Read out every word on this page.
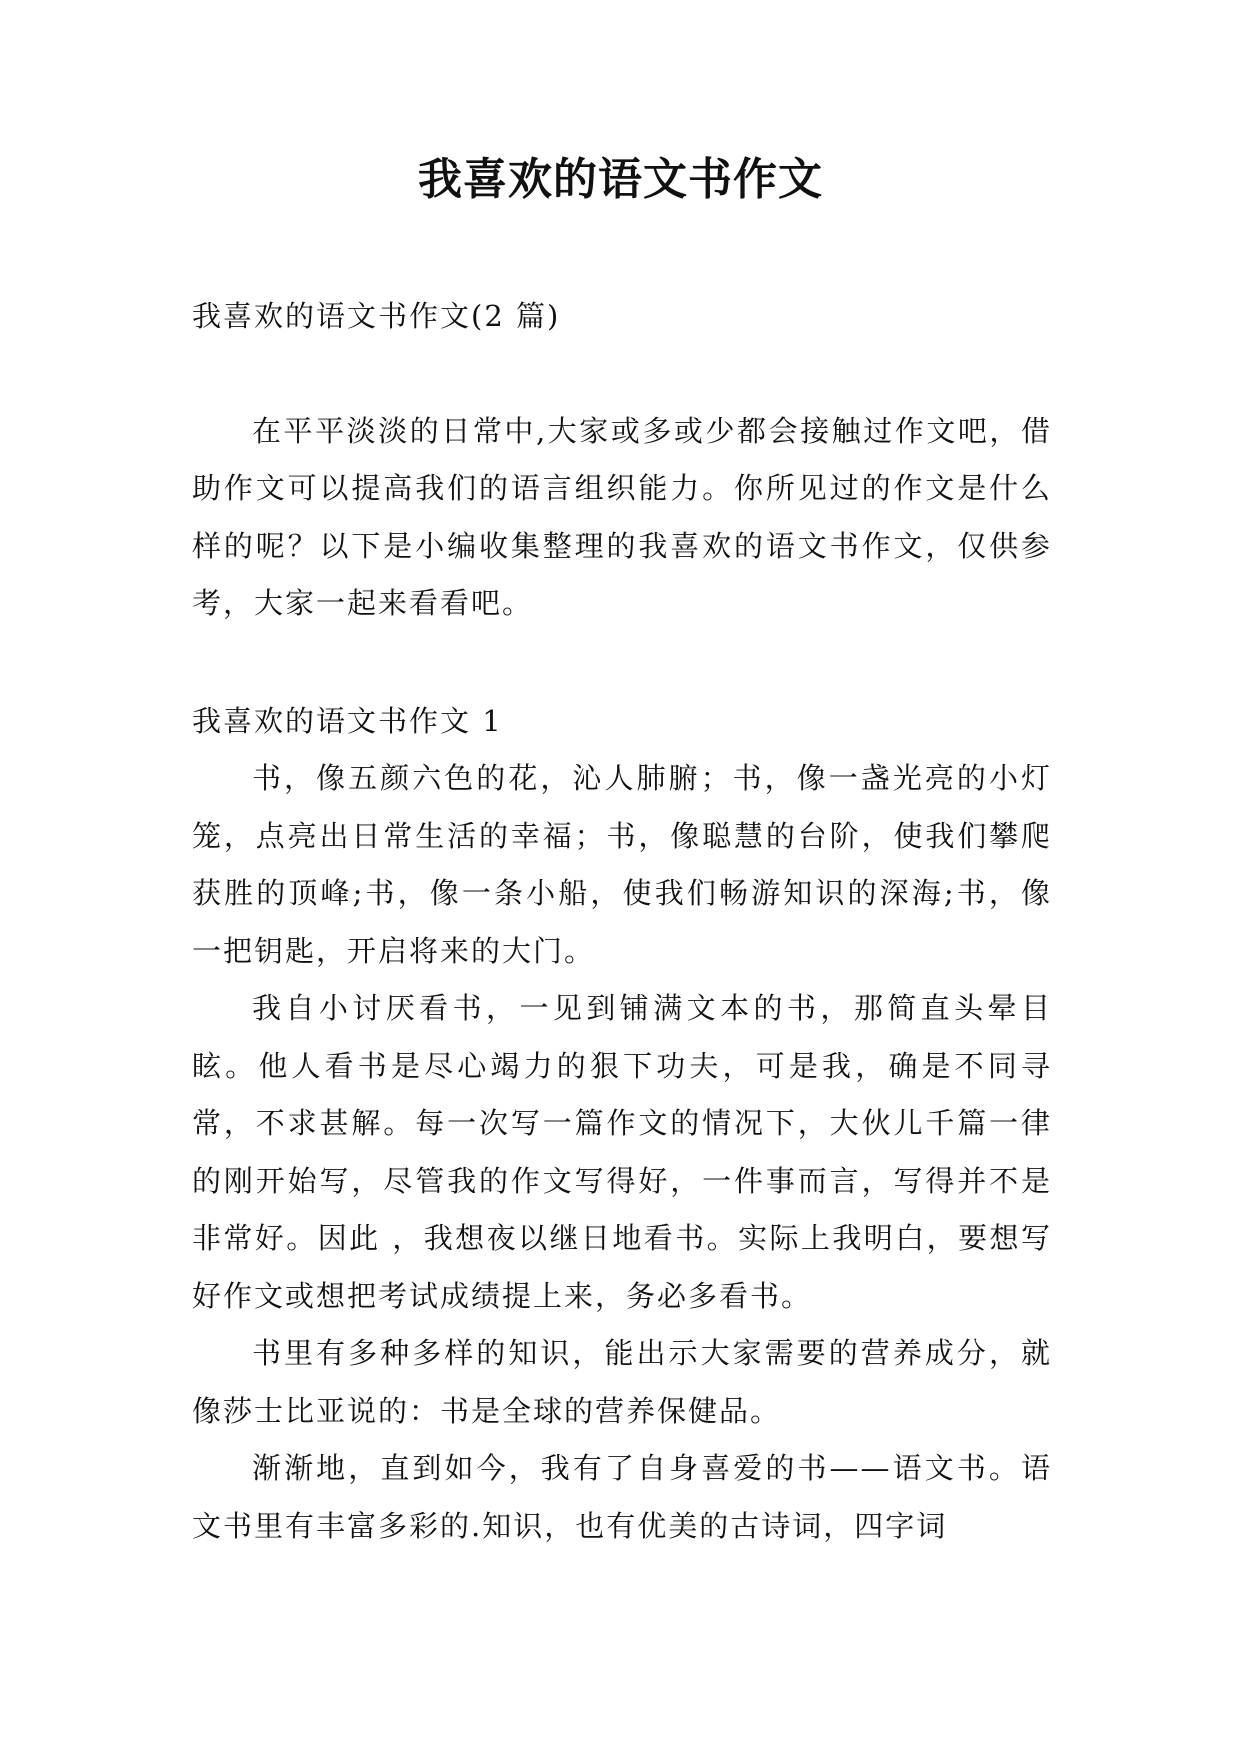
我喜欢的语文书作文

我喜欢的语文书作文(2 篇)

在平平淡淡的日常中,大家或多或少都会接触过作文吧，借助作文可以提高我们的语言组织能力。你所见过的作文是什么样的呢？以下是小编收集整理的我喜欢的语文书作文，仅供参考，大家一起来看看吧。

我喜欢的语文书作文 1

书，像五颜六色的花，沁人肺腑；书，像一盏光亮的小灯笼，点亮出日常生活的幸福；书，像聪慧的台阶，使我们攀爬获胜的顶峰;书，像一条小船，使我们畅游知识的深海;书，像一把钥匙，开启将来的大门。

我自小讨厌看书，一见到铺满文本的书，那简直头晕目眩。他人看书是尽心竭力的狠下功夫，可是我，确是不同寻常，不求甚解。每一次写一篇作文的情况下，大伙儿千篇一律的刚开始写，尽管我的作文写得好，一件事而言，写得并不是非常好。因此 ，我想夜以继日地看书。实际上我明白，要想写好作文或想把考试成绩提上来，务必多看书。

书里有多种多样的知识，能出示大家需要的营养成分，就像莎士比亚说的：书是全球的营养保健品。

渐渐地，直到如今，我有了自身喜爱的书——语文书。语文书里有丰富多彩的.知识，也有优美的古诗词，四字词
